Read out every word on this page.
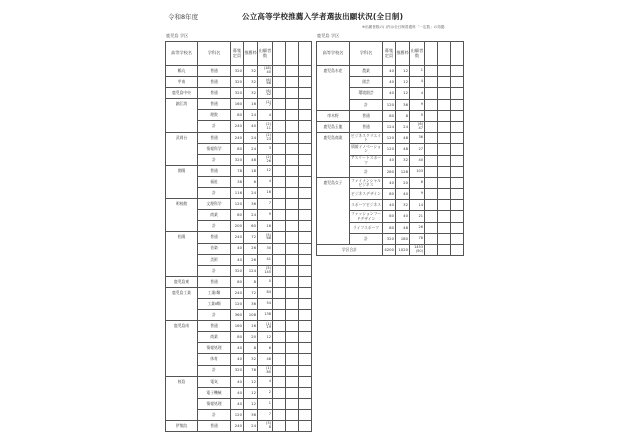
令和8年度	公立高等学校推薦入学者選抜出願状況(全日制)
※出願者数の( )内は全日制普通科「一定数」の再掲
鹿児島 学区	鹿児島 学区
高等学校名	学科名	募集定員	推薦枠	出願者数			
鶴丸	普通	320	32	(18)
40			
甲南	普通	320	32	(6)
66			
鹿児島中央	普通	320	32	(6)
42			
錦江湾	普通	160	16	(2)
7			
	理数	80	24	4			
	計	240	40	(2)
11			
武岡台	普通	240	24	(2)
23			
	情報科学	80	24	3			
	計	320	48	(2)
26			
開陽	普通	78	18	12			
	福祉	38	6	4			
	計	116	24	16			
明桜館	文理科学	120	36	7			
	商業	80	24	9			
	計	200	60	16			
松陽	普通	240	72	(5)
68			
	音楽	40	26	30			
	美術	40	26	41			
	計	320	124	(5)
145			
鹿児島東	普通	80	8	0			
鹿児島工業	工業Ⅰ類	240	72	84			
	工業Ⅱ類	120	36	54			
	計	360	108	138			
鹿児島南	普通	160	16	(1)
19			
	商業	80	20	12			
	情報処理	40	8	6			
	体育	40	32	48			
	計	320	76	(1)
85			
桜島	電気	40	12	4			
	電子機械	40	12	2			
	情報処理	40	12	1			
	計	120	36	7			
伊集院	普通	240	24	(3)
8			
高等学校名	学科名	募集定員	推薦枠	出願者数			
鹿児島水産	農業	40	12	1			
	園芸	40	12	4			
	環境園芸	40	12	4			
	計	120	36	9			
串木野	普通	80	8	5			
鹿児島玉龍	普通	124	24	(6)
47			
鹿児島商業	ビジネスクリエイト	120	48	36			
	情報イノベーション	120	48	27			
	アスリートスポーツ	40	32	40			
	計	280	128	103			
鹿児島女子	ファイナンシャルビジネス	40	20	8			
	ビジネスデザイン	80	40	9			
	スポーツビジネス	40	32	14			
	ファッションフードデザイン	80	40	21			
	ライフスポーツ	80	48	26			
	計	320	180	78			
学区合計		4200	1020	1453
(50)			
